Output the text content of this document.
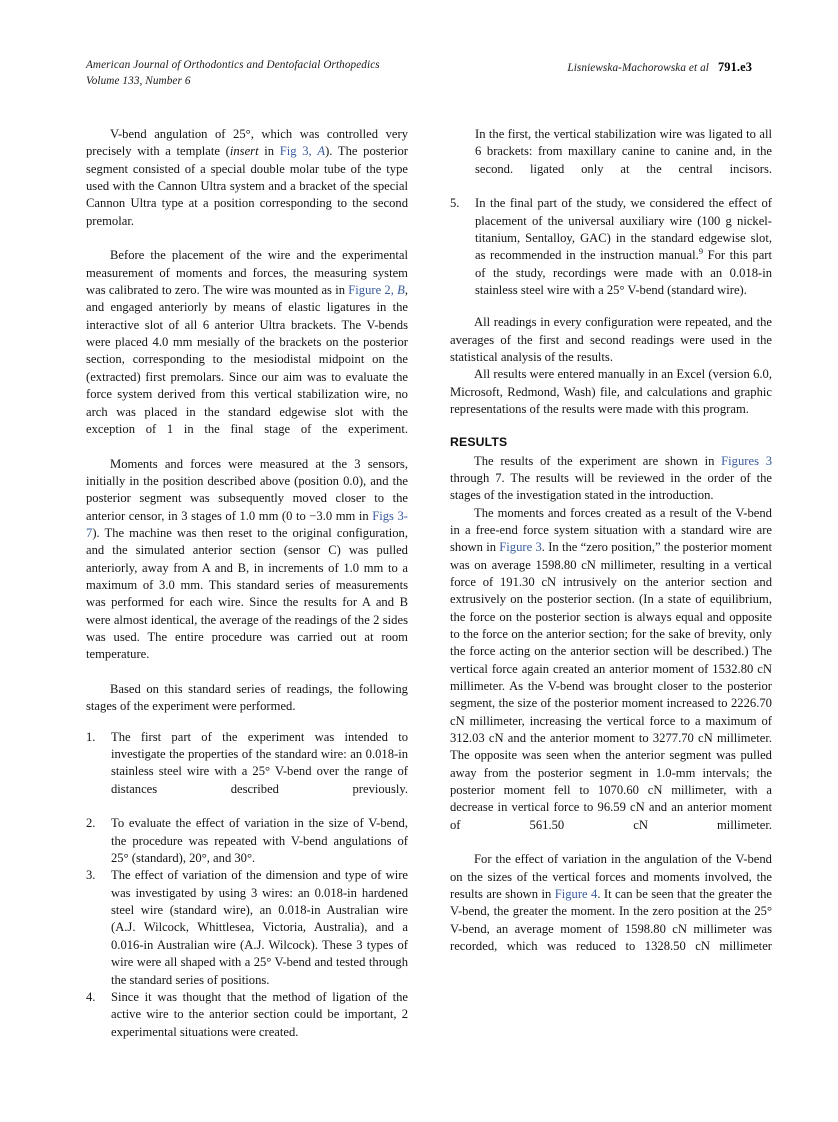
American Journal of Orthodontics and Dentofacial Orthopedics
Volume 133, Number 6
Lisniewska-Machorowska et al 791.e3

V-bend angulation of 25°, which was controlled very precisely with a template (insert in Fig 3, A). The posterior segment consisted of a special double molar tube of the type used with the Cannon Ultra system and a bracket of the special Cannon Ultra type at a position corresponding to the second premolar.

Before the placement of the wire and the experimental measurement of moments and forces, the measuring system was calibrated to zero. The wire was mounted as in Figure 2, B, and engaged anteriorly by means of elastic ligatures in the interactive slot of all 6 anterior Ultra brackets. The V-bends were placed 4.0 mm mesially of the brackets on the posterior section, corresponding to the mesiodistal midpoint on the (extracted) first premolars. Since our aim was to evaluate the force system derived from this vertical stabilization wire, no arch was placed in the standard edgewise slot with the exception of 1 in the final stage of the experiment.

Moments and forces were measured at the 3 sensors, initially in the position described above (position 0.0), and the posterior segment was subsequently moved closer to the anterior censor, in 3 stages of 1.0 mm (0 to −3.0 mm in Figs 3-7). The machine was then reset to the original configuration, and the simulated anterior section (sensor C) was pulled anteriorly, away from A and B, in increments of 1.0 mm to a maximum of 3.0 mm. This standard series of measurements was performed for each wire. Since the results for A and B were almost identical, the average of the readings of the 2 sides was used. The entire procedure was carried out at room temperature.

Based on this standard series of readings, the following stages of the experiment were performed.

1.	The first part of the experiment was intended to investigate the properties of the standard wire: an 0.018-in stainless steel wire with a 25° V-bend over the range of distances described previously.
2.	To evaluate the effect of variation in the size of V-bend, the procedure was repeated with V-bend angulations of 25° (standard), 20°, and 30°.
3.	The effect of variation of the dimension and type of wire was investigated by using 3 wires: an 0.018-in hardened steel wire (standard wire), an 0.018-in Australian wire (A.J. Wilcock, Whittlesea, Victoria, Australia), and a 0.016-in Australian wire (A.J. Wilcock). These 3 types of wire were all shaped with a 25° V-bend and tested through the standard series of positions.
4.	Since it was thought that the method of ligation of the active wire to the anterior section could be important, 2 experimental situations were created.

In the first, the vertical stabilization wire was ligated to all 6 brackets: from maxillary canine to canine and, in the second. ligated only at the central incisors.

5.	In the final part of the study, we considered the effect of placement of the universal auxiliary wire (100 g nickel-titanium, Sentalloy, GAC) in the standard edgewise slot, as recommended in the instruction manual.$^9$ For this part of the study, recordings were made with an 0.018-in stainless steel wire with a 25° V-bend (standard wire).

All readings in every configuration were repeated, and the averages of the first and second readings were used in the statistical analysis of the results.

All results were entered manually in an Excel (version 6.0, Microsoft, Redmond, Wash) file, and calculations and graphic representations of the results were made with this program.

RESULTS

The results of the experiment are shown in Figures 3 through 7. The results will be reviewed in the order of the stages of the investigation stated in the introduction.

The moments and forces created as a result of the V-bend in a free-end force system situation with a standard wire are shown in Figure 3. In the “zero position,” the posterior moment was on average 1598.80 cN millimeter, resulting in a vertical force of 191.30 cN intrusively on the anterior section and extrusively on the posterior section. (In a state of equilibrium, the force on the posterior section is always equal and opposite to the force on the anterior section; for the sake of brevity, only the force acting on the anterior section will be described.) The vertical force again created an anterior moment of 1532.80 cN millimeter. As the V-bend was brought closer to the posterior segment, the size of the posterior moment increased to 2226.70 cN millimeter, increasing the vertical force to a maximum of 312.03 cN and the anterior moment to 3277.70 cN millimeter. The opposite was seen when the anterior segment was pulled away from the posterior segment in 1.0-mm intervals; the posterior moment fell to 1070.60 cN millimeter, with a decrease in vertical force to 96.59 cN and an anterior moment of 561.50 cN millimeter.

For the effect of variation in the angulation of the V-bend on the sizes of the vertical forces and moments involved, the results are shown in Figure 4. It can be seen that the greater the V-bend, the greater the moment. In the zero position at the 25° V-bend, an average moment of 1598.80 cN millimeter was recorded, which was reduced to 1328.50 cN millimeter
